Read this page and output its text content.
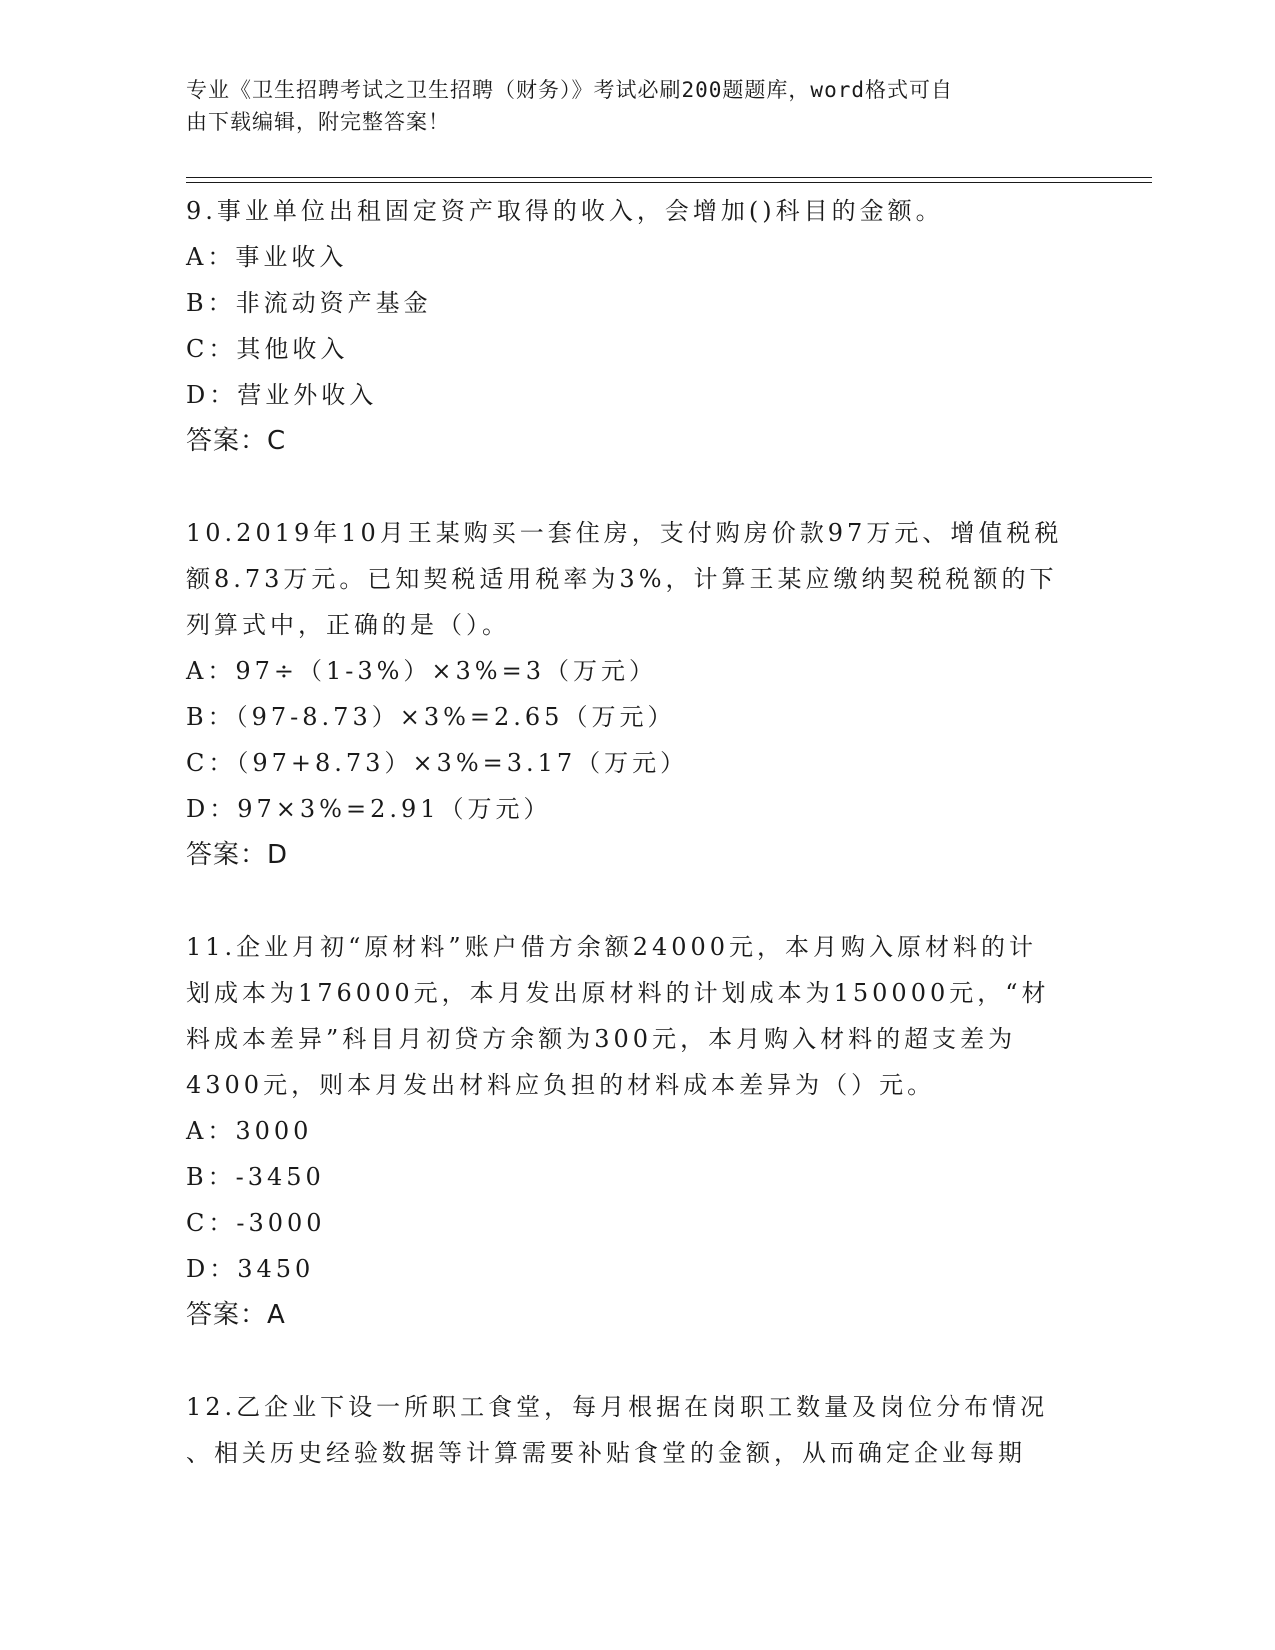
专业《卫生招聘考试之卫生招聘（财务）》考试必刷200题题库，word格式可自
由下载编辑，附完整答案！
9.事业单位出租固定资产取得的收入，会增加()科目的金额。
A：事业收入
B：非流动资产基金
C：其他收入
D：营业外收入
答案：C
10.2019年10月王某购买一套住房，支付购房价款97万元、增值税税
额8.73万元。已知契税适用税率为3%，计算王某应缴纳契税税额的下
列算式中，正确的是（）。
A：97÷（1-3%）×3%=3（万元）
B：（97-8.73）×3%=2.65（万元）
C：（97+8.73）×3%=3.17（万元）
D：97×3%=2.91（万元）
答案：D
11.企业月初“原材料”账户借方余额24000元，本月购入原材料的计
划成本为176000元，本月发出原材料的计划成本为150000元，“材
料成本差异”科目月初贷方余额为300元，本月购入材料的超支差为
4300元，则本月发出材料应负担的材料成本差异为（）元。
A：3000
B：-3450
C：-3000
D：3450
答案：A
12.乙企业下设一所职工食堂，每月根据在岗职工数量及岗位分布情况
、相关历史经验数据等计算需要补贴食堂的金额，从而确定企业每期
